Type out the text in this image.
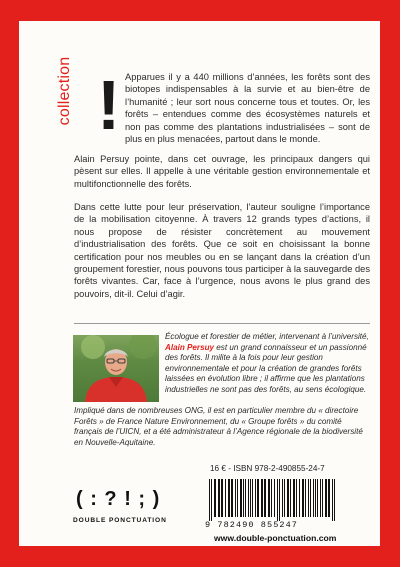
collection ! Apparues il y a 440 millions d’années, les forêts sont des biotopes indispensables à la survie et au bien-être de l’humanité ; leur sort nous concerne tous et toutes. Or, les forêts – entendues comme des écosystèmes naturels et non pas comme des plantations industrialisées – sont de plus en plus menacées, partout dans le monde.

Alain Persuy pointe, dans cet ouvrage, les principaux dangers qui pèsent sur elles. Il appelle à une véritable gestion environnementale et multifonctionnelle des forêts.

Dans cette lutte pour leur préservation, l’auteur souligne l’importance de la mobilisation citoyenne. À travers 12 grands types d’actions, il nous propose de résister concrètement au mouvement d’industrialisation des forêts. Que ce soit en choisissant la bonne certification pour nos meubles ou en se lançant dans la création d’un groupement forestier, nous pouvons tous participer à la sauvegarde des forêts vivantes. Car, face à l’urgence, nous avons le plus grand des pouvoirs, dit-il. Celui d’agir.

Écologue et forestier de métier, intervenant à l’université, Alain Persuy est un grand connaisseur et un passionné des forêts. Il milite à la fois pour leur gestion environnementale et pour la création de grandes forêts laissées en évolution libre ; il affirme que les plantations industrielles ne sont pas des forêts, au sens écologique.

Impliqué dans de nombreuses ONG, il est en particulier membre du « directoire Forêts » de France Nature Environnement, du « Groupe forêts » du comité français de l’UICN, et a été administrateur à l’Agence régionale de la biodiversité en Nouvelle-Aquitaine.

16 € - ISBN 978-2-490855-24-7
( : ? ! ; )
DOUBLE PONCTUATION	9 782490 855247
www.double-ponctuation.com
